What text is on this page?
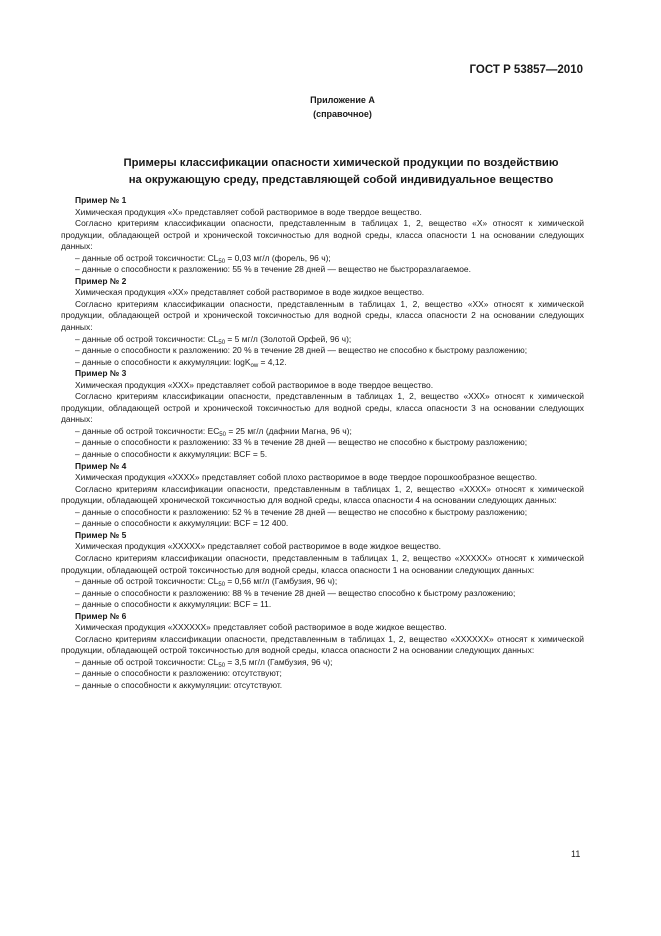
ГОСТ Р 53857—2010
Приложение А
(справочное)
Примеры классификации опасности химической продукции по воздействию
на окружающую среду, представляющей собой индивидуальное вещество

Пример № 1

Химическая продукция «X» представляет собой растворимое в воде твердое вещество.

Согласно критериям классификации опасности, представленным в таблицах 1, 2, вещество «X» относят к химической продукции, обладающей острой и хронической токсичностью для водной среды, класса опасности 1 на основании следующих данных:

– данные об острой токсичности: $CL_{50} = 0,03$ мг/л (форель, 96 ч);

– данные о способности к разложению: 55 % в течение 28 дней — вещество не быстроразлагаемое.

Пример № 2

Химическая продукция «XX» представляет собой растворимое в воде жидкое вещество.

Согласно критериям классификации опасности, представленным в таблицах 1, 2, вещество «XX» относят к химической продукции, обладающей острой и хронической токсичностью для водной среды, класса опасности 2 на основании следующих данных:

– данные об острой токсичности: $CL_{50} = 5$ мг/л (Золотой Орфей, 96 ч);

– данные о способности к разложению: 20 % в течение 28 дней — вещество не способно к быстрому разложению;

– данные о способности к аккумуляции: logK$_{ow}$ = 4,12.

Пример № 3

Химическая продукция «XXX» представляет собой растворимое в воде твердое вещество.

Согласно критериям классификации опасности, представленным в таблицах 1, 2, вещество «XXX» относят к химической продукции, обладающей острой и хронической токсичностью для водной среды, класса опасности 3 на основании следующих данных:

– данные об острой токсичности: $EC_{50} = 25$ мг/л (дафнии Магна, 96 ч);

– данные о способности к разложению: 33 % в течение 28 дней — вещество не способно к быстрому разложению;

– данные о способности к аккумуляции: BCF = 5.

Пример № 4

Химическая продукция «XXXX» представляет собой плохо растворимое в воде твердое порошкообразное вещество.

Согласно критериям классификации опасности, представленным в таблицах 1, 2, вещество «XXXX» относят к химической продукции, обладающей хронической токсичностью для водной среды, класса опасности 4 на основании следующих данных:

– данные о способности к разложению: 52 % в течение 28 дней — вещество не способно к быстрому разложению;

– данные о способности к аккумуляции: BCF = 12 400.

Пример № 5

Химическая продукция «XXXXX» представляет собой растворимое в воде жидкое вещество.

Согласно критериям классификации опасности, представленным в таблицах 1, 2, вещество «XXXXX» относят к химической продукции, обладающей острой токсичностью для водной среды, класса опасности 1 на основании следующих данных:

– данные об острой токсичности: $CL_{50} = 0,56$ мг/л (Гамбузия, 96 ч);

– данные о способности к разложению: 88 % в течение 28 дней — вещество способно к быстрому разложению;

– данные о способности к аккумуляции: BCF = 11.

Пример № 6

Химическая продукция «XXXXXX» представляет собой растворимое в воде жидкое вещество.

Согласно критериям классификации опасности, представленным в таблицах 1, 2, вещество «XXXXXX» относят к химической продукции, обладающей острой токсичностью для водной среды, класса опасности 2 на основании следующих данных:

– данные об острой токсичности: $CL_{50} = 3,5$ мг/л (Гамбузия, 96 ч);

– данные о способности к разложению: отсутствуют;

– данные о способности к аккумуляции: отсутствуют.

11
